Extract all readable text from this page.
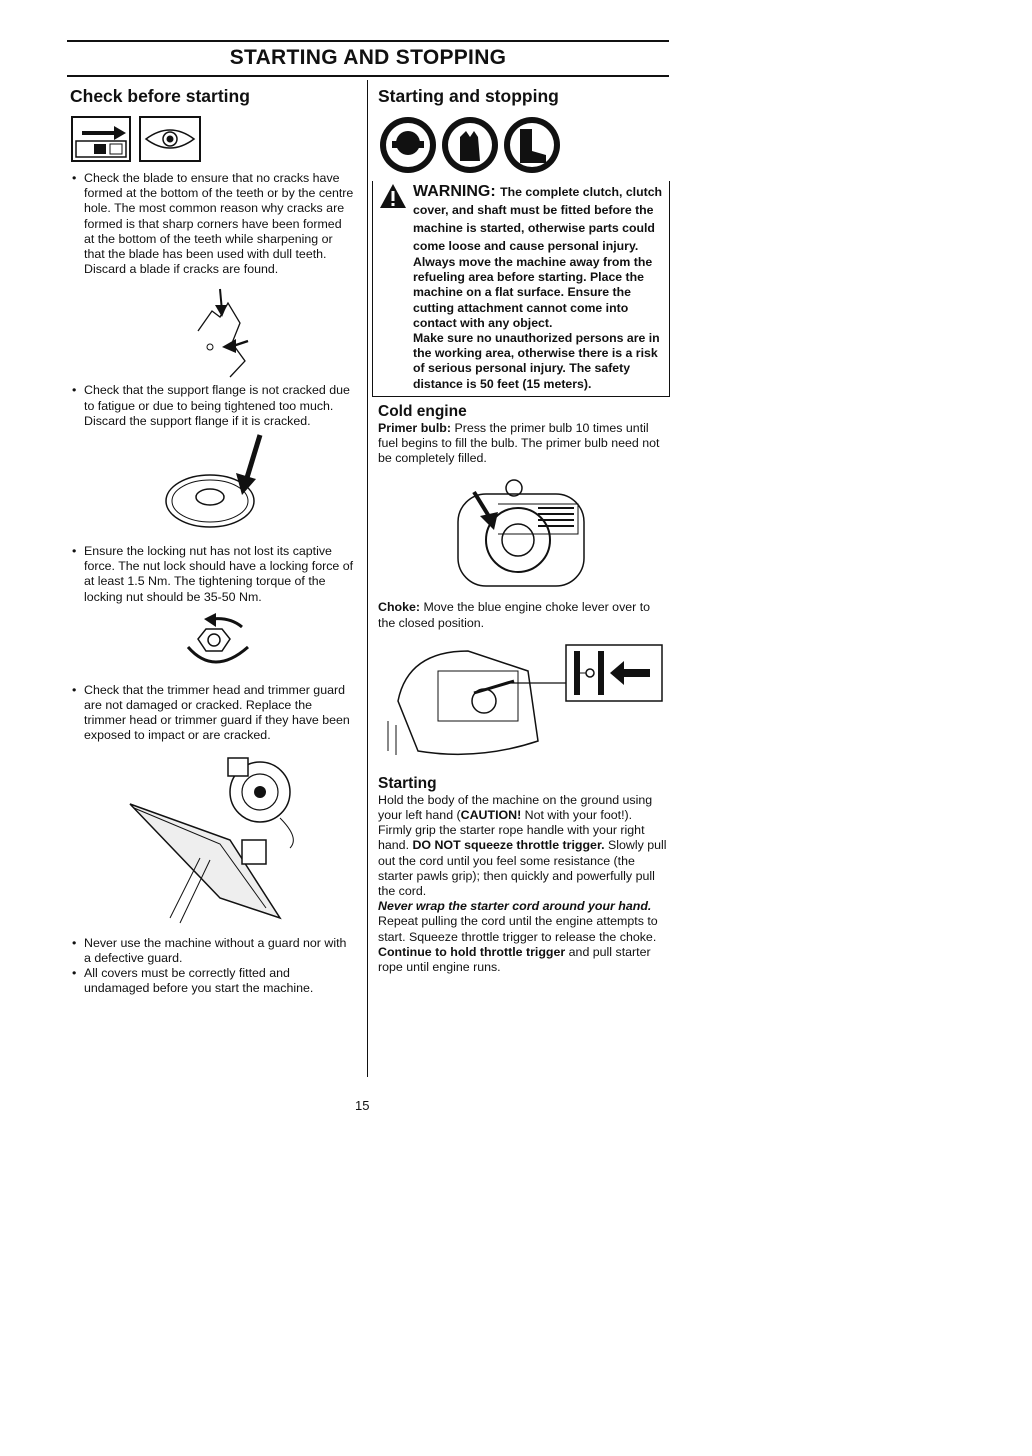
STARTING AND STOPPING
Check before starting
• Check the blade to ensure that no cracks have formed at the bottom of the teeth or by the centre hole. The most common reason why cracks are formed is that sharp corners have been formed at the bottom of the teeth while sharpening or that the blade has been used with dull teeth. Discard a blade if cracks are found.
• Check that the support flange is not cracked due to fatigue or due to being tightened too much. Discard the support flange if it is cracked.
• Ensure the locking nut has not lost its captive force. The nut lock should have a locking force of at least 1.5 Nm. The tightening torque of the locking nut should be 35-50 Nm.
• Check that the trimmer head and trimmer guard are not damaged or cracked. Replace the trimmer head or trimmer guard if they have been exposed to impact or are cracked.
• Never use the machine without a guard nor with a defective guard.
• All covers must be correctly fitted and undamaged before you start the machine.
Starting and stopping
WARNING: The complete clutch, clutch cover, and shaft must be fitted before the machine is started, otherwise parts could come loose and cause personal injury.

Always move the machine away from the refueling area before starting. Place the machine on a flat surface. Ensure the cutting attachment cannot come into contact with any object.

Make sure no unauthorized persons are in the working area, otherwise there is a risk of serious personal injury. The safety distance is 50 feet (15 meters).

Cold engine

Primer bulb: Press the primer bulb 10 times until fuel begins to fill the bulb. The primer bulb need not be completely filled.

Choke: Move the blue engine choke lever over to the closed position.

Starting

Hold the body of the machine on the ground using your left hand (CAUTION! Not with your foot!).

Firmly grip the starter rope handle with your right hand. DO NOT squeeze throttle trigger. Slowly pull out the cord until you feel some resistance (the starter pawls grip); then quickly and powerfully pull the cord.

Never wrap the starter cord around your hand.

Repeat pulling the cord until the engine attempts to start. Squeeze throttle trigger to release the choke. Continue to hold throttle trigger and pull starter rope until engine runs.

15
